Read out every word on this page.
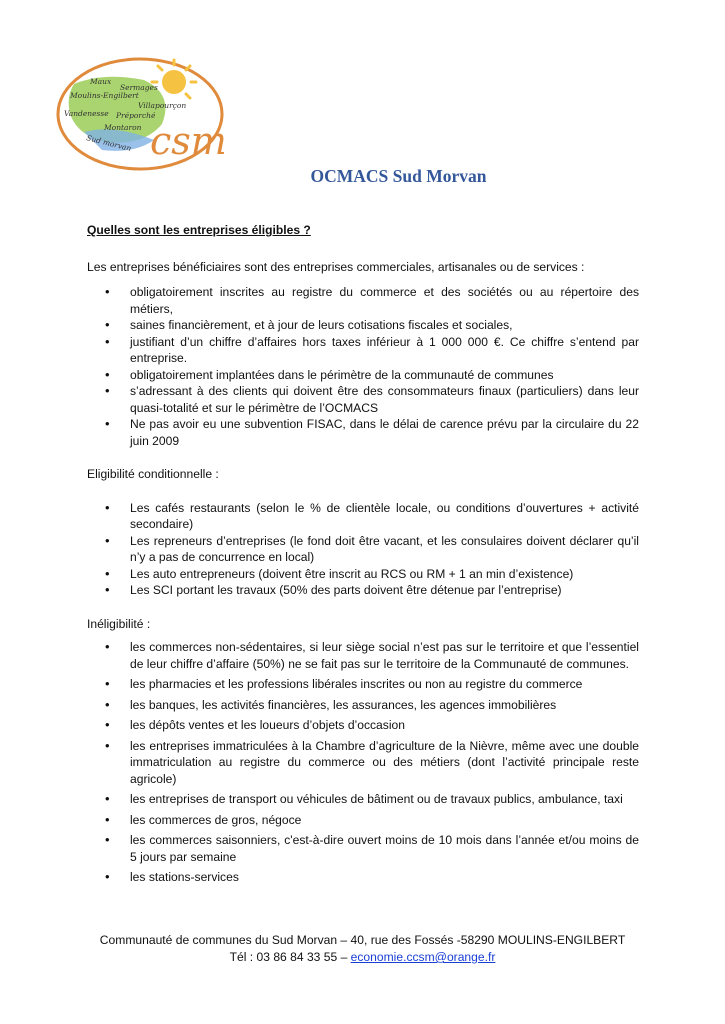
Maux
Sermages
Moulins-Engilbert
Villapourçon
Vandenesse Préporché
Montaron
Sud morvan csm
OCMACS Sud Morvan

Quelles sont les entreprises éligibles ?

Les entreprises bénéficiaires sont des entreprises commerciales, artisanales ou de services :

• obligatoirement inscrites au registre du commerce et des sociétés ou au répertoire des métiers,
• saines financièrement, et à jour de leurs cotisations fiscales et sociales,
• justifiant d’un chiffre d’affaires hors taxes inférieur à 1 000 000 €. Ce chiffre s’entend par entreprise.
• obligatoirement implantées dans le périmètre de la communauté de communes
• s’adressant à des clients qui doivent être des consommateurs finaux (particuliers) dans leur quasi-totalité et sur le périmètre de l’OCMACS
• Ne pas avoir eu une subvention FISAC, dans le délai de carence prévu par la circulaire du 22 juin 2009

Eligibilité conditionnelle :

• Les cafés restaurants (selon le % de clientèle locale, ou conditions d’ouvertures + activité secondaire)
• Les repreneurs d’entreprises (le fond doit être vacant, et les consulaires doivent déclarer qu’il n’y a pas de concurrence en local)
• Les auto entrepreneurs (doivent être inscrit au RCS ou RM + 1 an min d’existence)
• Les SCI portant les travaux (50% des parts doivent être détenue par l’entreprise)

Inéligibilité :

• les commerces non-sédentaires, si leur siège social n’est pas sur le territoire et que l’essentiel de leur chiffre d’affaire (50%) ne se fait pas sur le territoire de la Communauté de communes.
• les pharmacies et les professions libérales inscrites ou non au registre du commerce
• les banques, les activités financières, les assurances, les agences immobilières
• les dépôts ventes et les loueurs d’objets d’occasion
• les entreprises immatriculées à la Chambre d’agriculture de la Nièvre, même avec une double immatriculation au registre du commerce ou des métiers (dont l’activité principale reste agricole)
• les entreprises de transport ou véhicules de bâtiment ou de travaux publics, ambulance, taxi
• les commerces de gros, négoce
• les commerces saisonniers, c'est-à-dire ouvert moins de 10 mois dans l’année et/ou moins de 5 jours par semaine
• les stations-services
Communauté de communes du Sud Morvan – 40, rue des Fossés -58290 MOULINS-ENGILBERT
Tél : 03 86 84 33 55 – economie.ccsm@orange.fr
